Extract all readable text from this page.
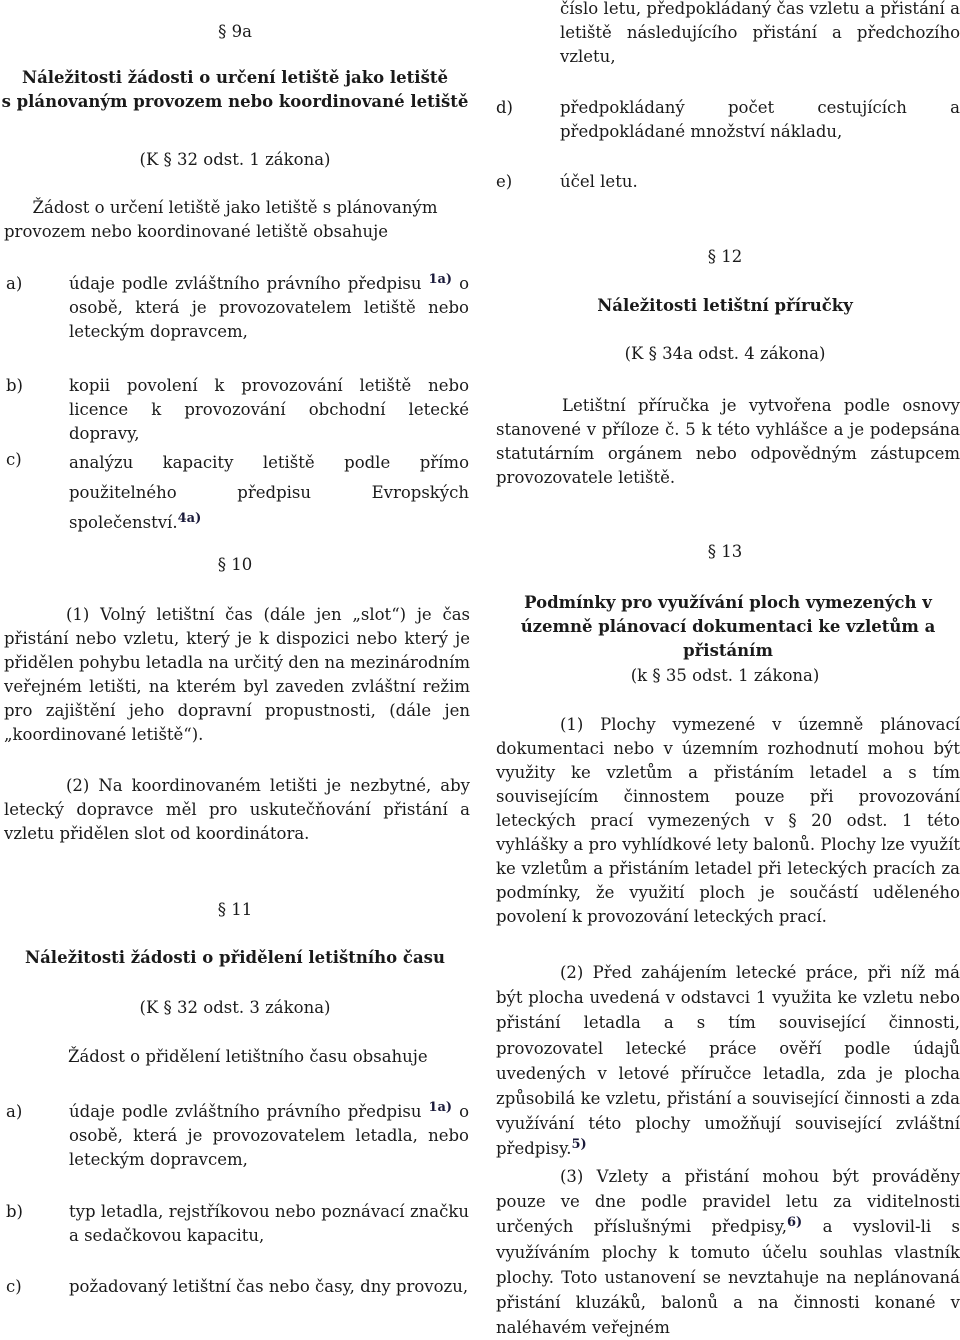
§ 9a
Náležitosti žádosti o určení letiště jako letiště
s plánovaným provozem nebo koordinované letiště
(K § 32 odst. 1 zákona)
Žádost o určení letiště jako letiště s plánovaným
provozem nebo koordinované letiště obsahuje
a)	údaje podle zvláštního právního předpisu $^{1a)}$ o osobě, která je provozovatelem letiště nebo leteckým dopravcem,
b)	kopii povolení k provozování letiště nebo licence k provozování obchodní letecké dopravy,
c)	analýzu kapacity letiště podle přímo použitelného předpisu Evropských společenství.$^{4a)}$
číslo letu, předpokládaný čas vzletu a přistání a letiště následujícího přistání a předchozího vzletu,
d)	předpokládaný počet cestujících a předpokládané množství nákladu,
e)	účel letu.
§ 12
Náležitosti letištní příručky
(K § 34a odst. 4 zákona)
Letištní příručka je vytvořena podle osnovy stanovené v příloze č. 5 k této vyhlášce a je podepsána statutárním orgánem nebo odpovědným zástupcem provozovatele letiště.
§ 10
(1) Volný letištní čas (dále jen „slot“) je čas přistání nebo vzletu, který je k dispozici nebo který je přidělen pohybu letadla na určitý den na mezinárodním veřejném letišti, na kterém byl zaveden zvláštní režim pro zajištění jeho dopravní propustnosti, (dále jen „koordinované letiště“).
(2) Na koordinovaném letišti je nezbytné, aby letecký dopravce měl pro uskutečňování přistání a vzletu přidělen slot od koordinátora.
§ 11
Náležitosti žádosti o přidělení letištního času
(K § 32 odst. 3 zákona)
Žádost o přidělení letištního času obsahuje
a)	údaje podle zvláštního právního předpisu $^{1a)}$ o osobě, která je provozovatelem letadla, nebo leteckým dopravcem,
b)	typ letadla, rejstříkovou nebo poznávací značku a sedačkovou kapacitu,
c)	požadovaný letištní čas nebo časy, dny provozu,
§ 13
Podmínky pro využívání ploch vymezených v územně plánovací dokumentaci ke vzletům a přistáním
(k § 35 odst. 1 zákona)
(1) Plochy vymezené v územně plánovací dokumentaci nebo v územním rozhodnutí mohou být využity ke vzletům a přistáním letadel a s tím souvisejícím činnostem pouze při provozování leteckých prací vymezených v § 20 odst. 1 této vyhlášky a pro vyhlídkové lety balonů. Plochy lze využít ke vzletům a přistáním letadel při leteckých pracích za podmínky, že využití ploch je součástí uděleného povolení k provozování leteckých prací.
(2) Před zahájením letecké práce, při níž má být plocha uvedená v odstavci 1 využita ke vzletu nebo přistání letadla a s tím související činnosti, provozovatel letecké práce ověří podle údajů uvedených v letové příručce letadla, zda je plocha způsobilá ke vzletu, přistání a související činnosti a zda využívání této plochy umožňují související zvláštní předpisy.$^{5)}$
(3) Vzlety a přistání mohou být prováděny pouze ve dne podle pravidel letu za viditelnosti určených příslušnými předpisy,$^{6)}$ a vyslovil-li s využíváním plochy k tomuto účelu souhlas vlastník plochy. Toto ustanovení se nevztahuje na neplánovaná přistání kluzáků, balonů a na činnosti konané v naléhavém veřejném
